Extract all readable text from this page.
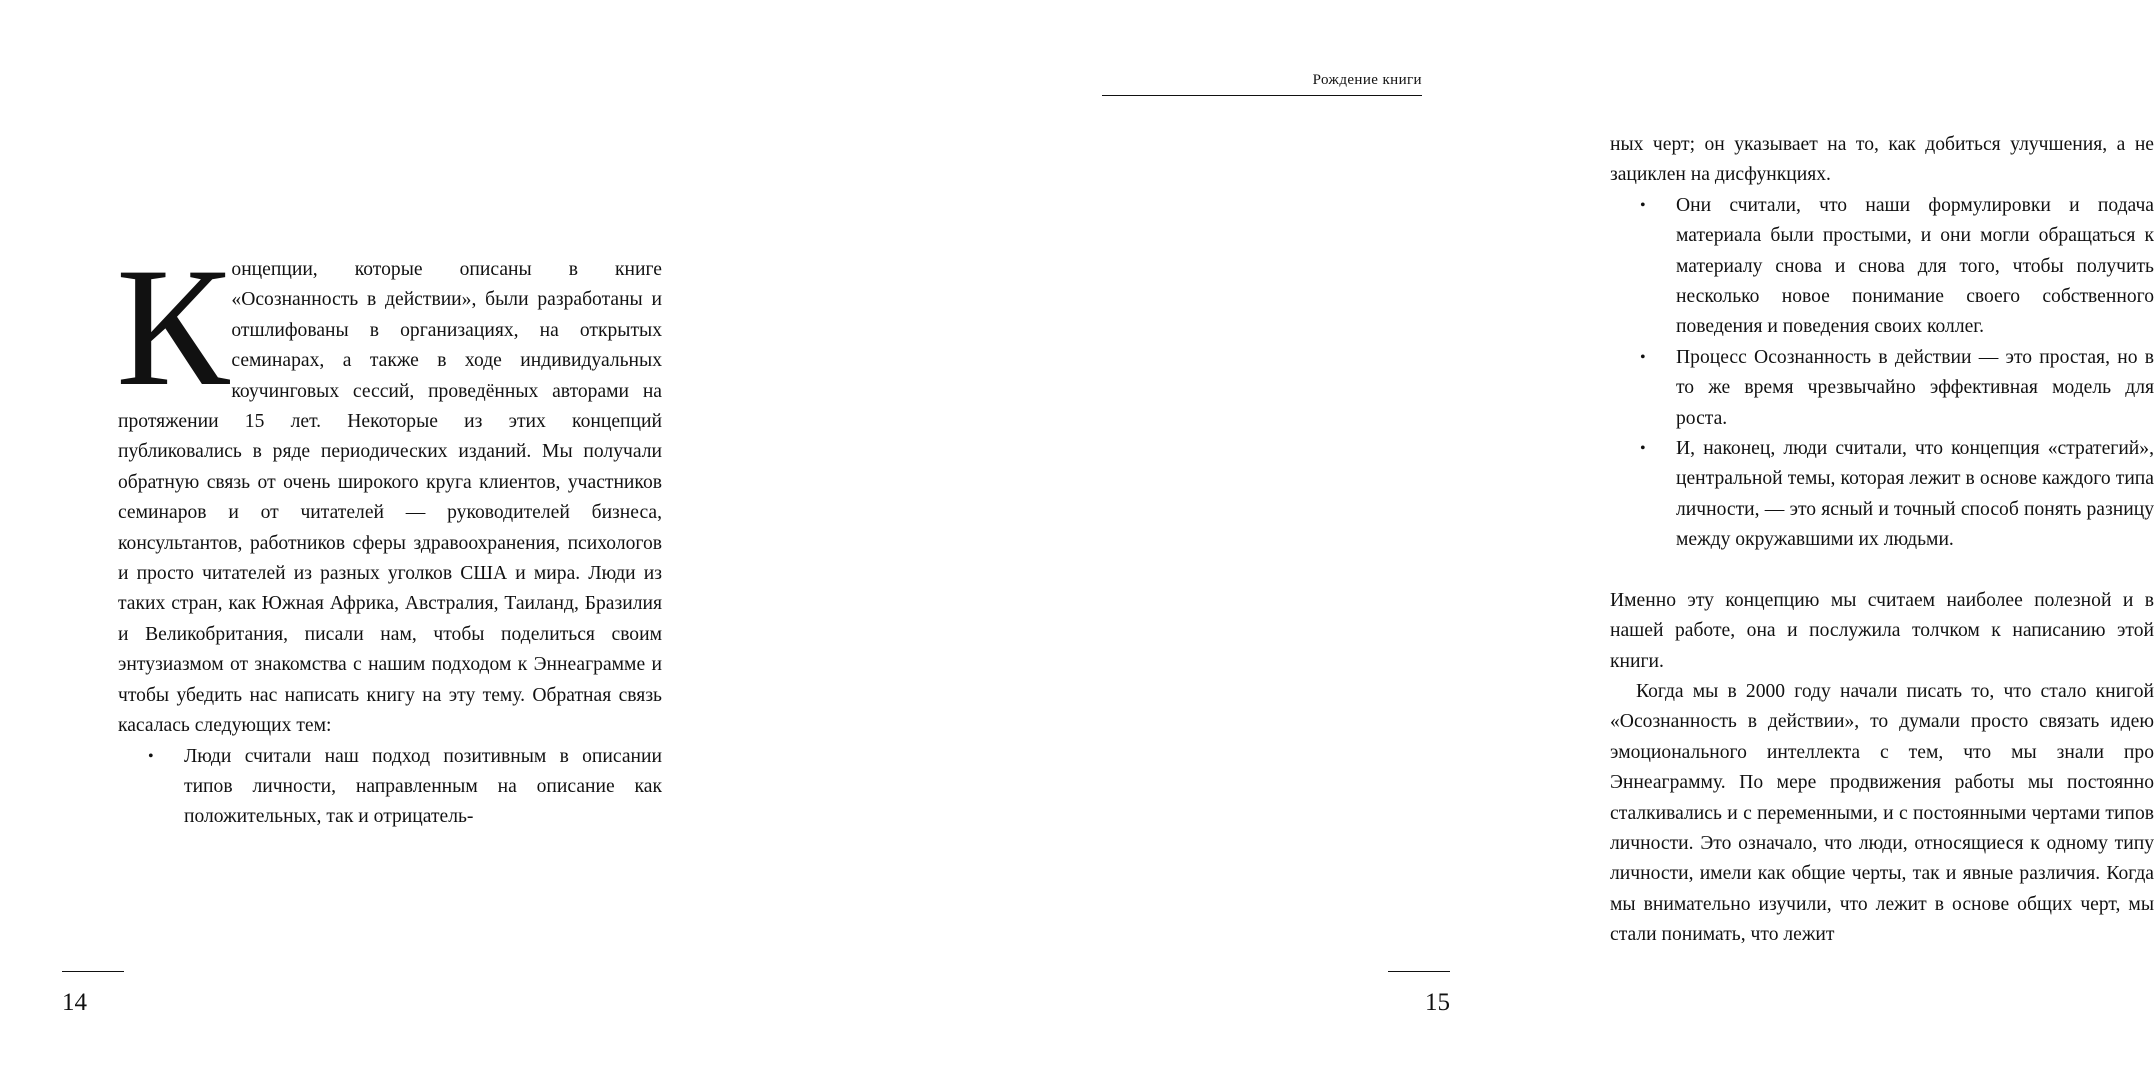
К онцепции, которые описаны в книге «Осознанность в действии», были разработаны и отшлифованы в организациях, на открытых семинарах, а также в ходе индивидуальных коучинговых сессий, проведённых авторами на протяжении 15 лет. Некоторые из этих концепций публиковались в ряде периодических изданий. Мы получали обратную связь от очень широкого круга клиентов, участников семинаров и от читателей — руководителей бизнеса, консультантов, работников сферы здравоохранения, психологов и просто читателей из разных уголков США и мира. Люди из таких стран, как Южная Африка, Австралия, Таиланд, Бразилия и Великобритания, писали нам, чтобы поделиться своим энтузиазмом от знакомства с нашим подходом к Эннеаграмме и чтобы убедить нас написать книгу на эту тему. Обратная связь касалась следующих тем:

• Люди считали наш подход позитивным в описании типов личности, направленным на описание как положительных, так и отрицатель-
14
Рождение книги

ных черт; он указывает на то, как добиться улучшения, а не зациклен на дисфункциях.

• Они считали, что наши формулировки и подача материала были простыми, и они могли обращаться к материалу снова и снова для того, чтобы получить несколько новое понимание своего собственного поведения и поведения своих коллег.
• Процесс Осознанность в действии — это простая, но в то же время чрезвычайно эффективная модель для роста.
• И, наконец, люди считали, что концепция «стратегий», центральной темы, которая лежит в основе каждого типа личности, — это ясный и точный способ понять разницу между окружавшими их людьми.

Именно эту концепцию мы считаем наиболее полезной и в нашей работе, она и послужила толчком к написанию этой книги.

Когда мы в 2000 году начали писать то, что стало книгой «Осознанность в действии», то думали просто связать идею эмоционального интеллекта с тем, что мы знали про Эннеаграмму. По мере продвижения работы мы постоянно сталкивались и с переменными, и с постоянными чертами типов личности. Это означало, что люди, относящиеся к одному типу личности, имели как общие черты, так и явные различия. Когда мы внимательно изучили, что лежит в основе общих черт, мы стали понимать, что лежит

15
